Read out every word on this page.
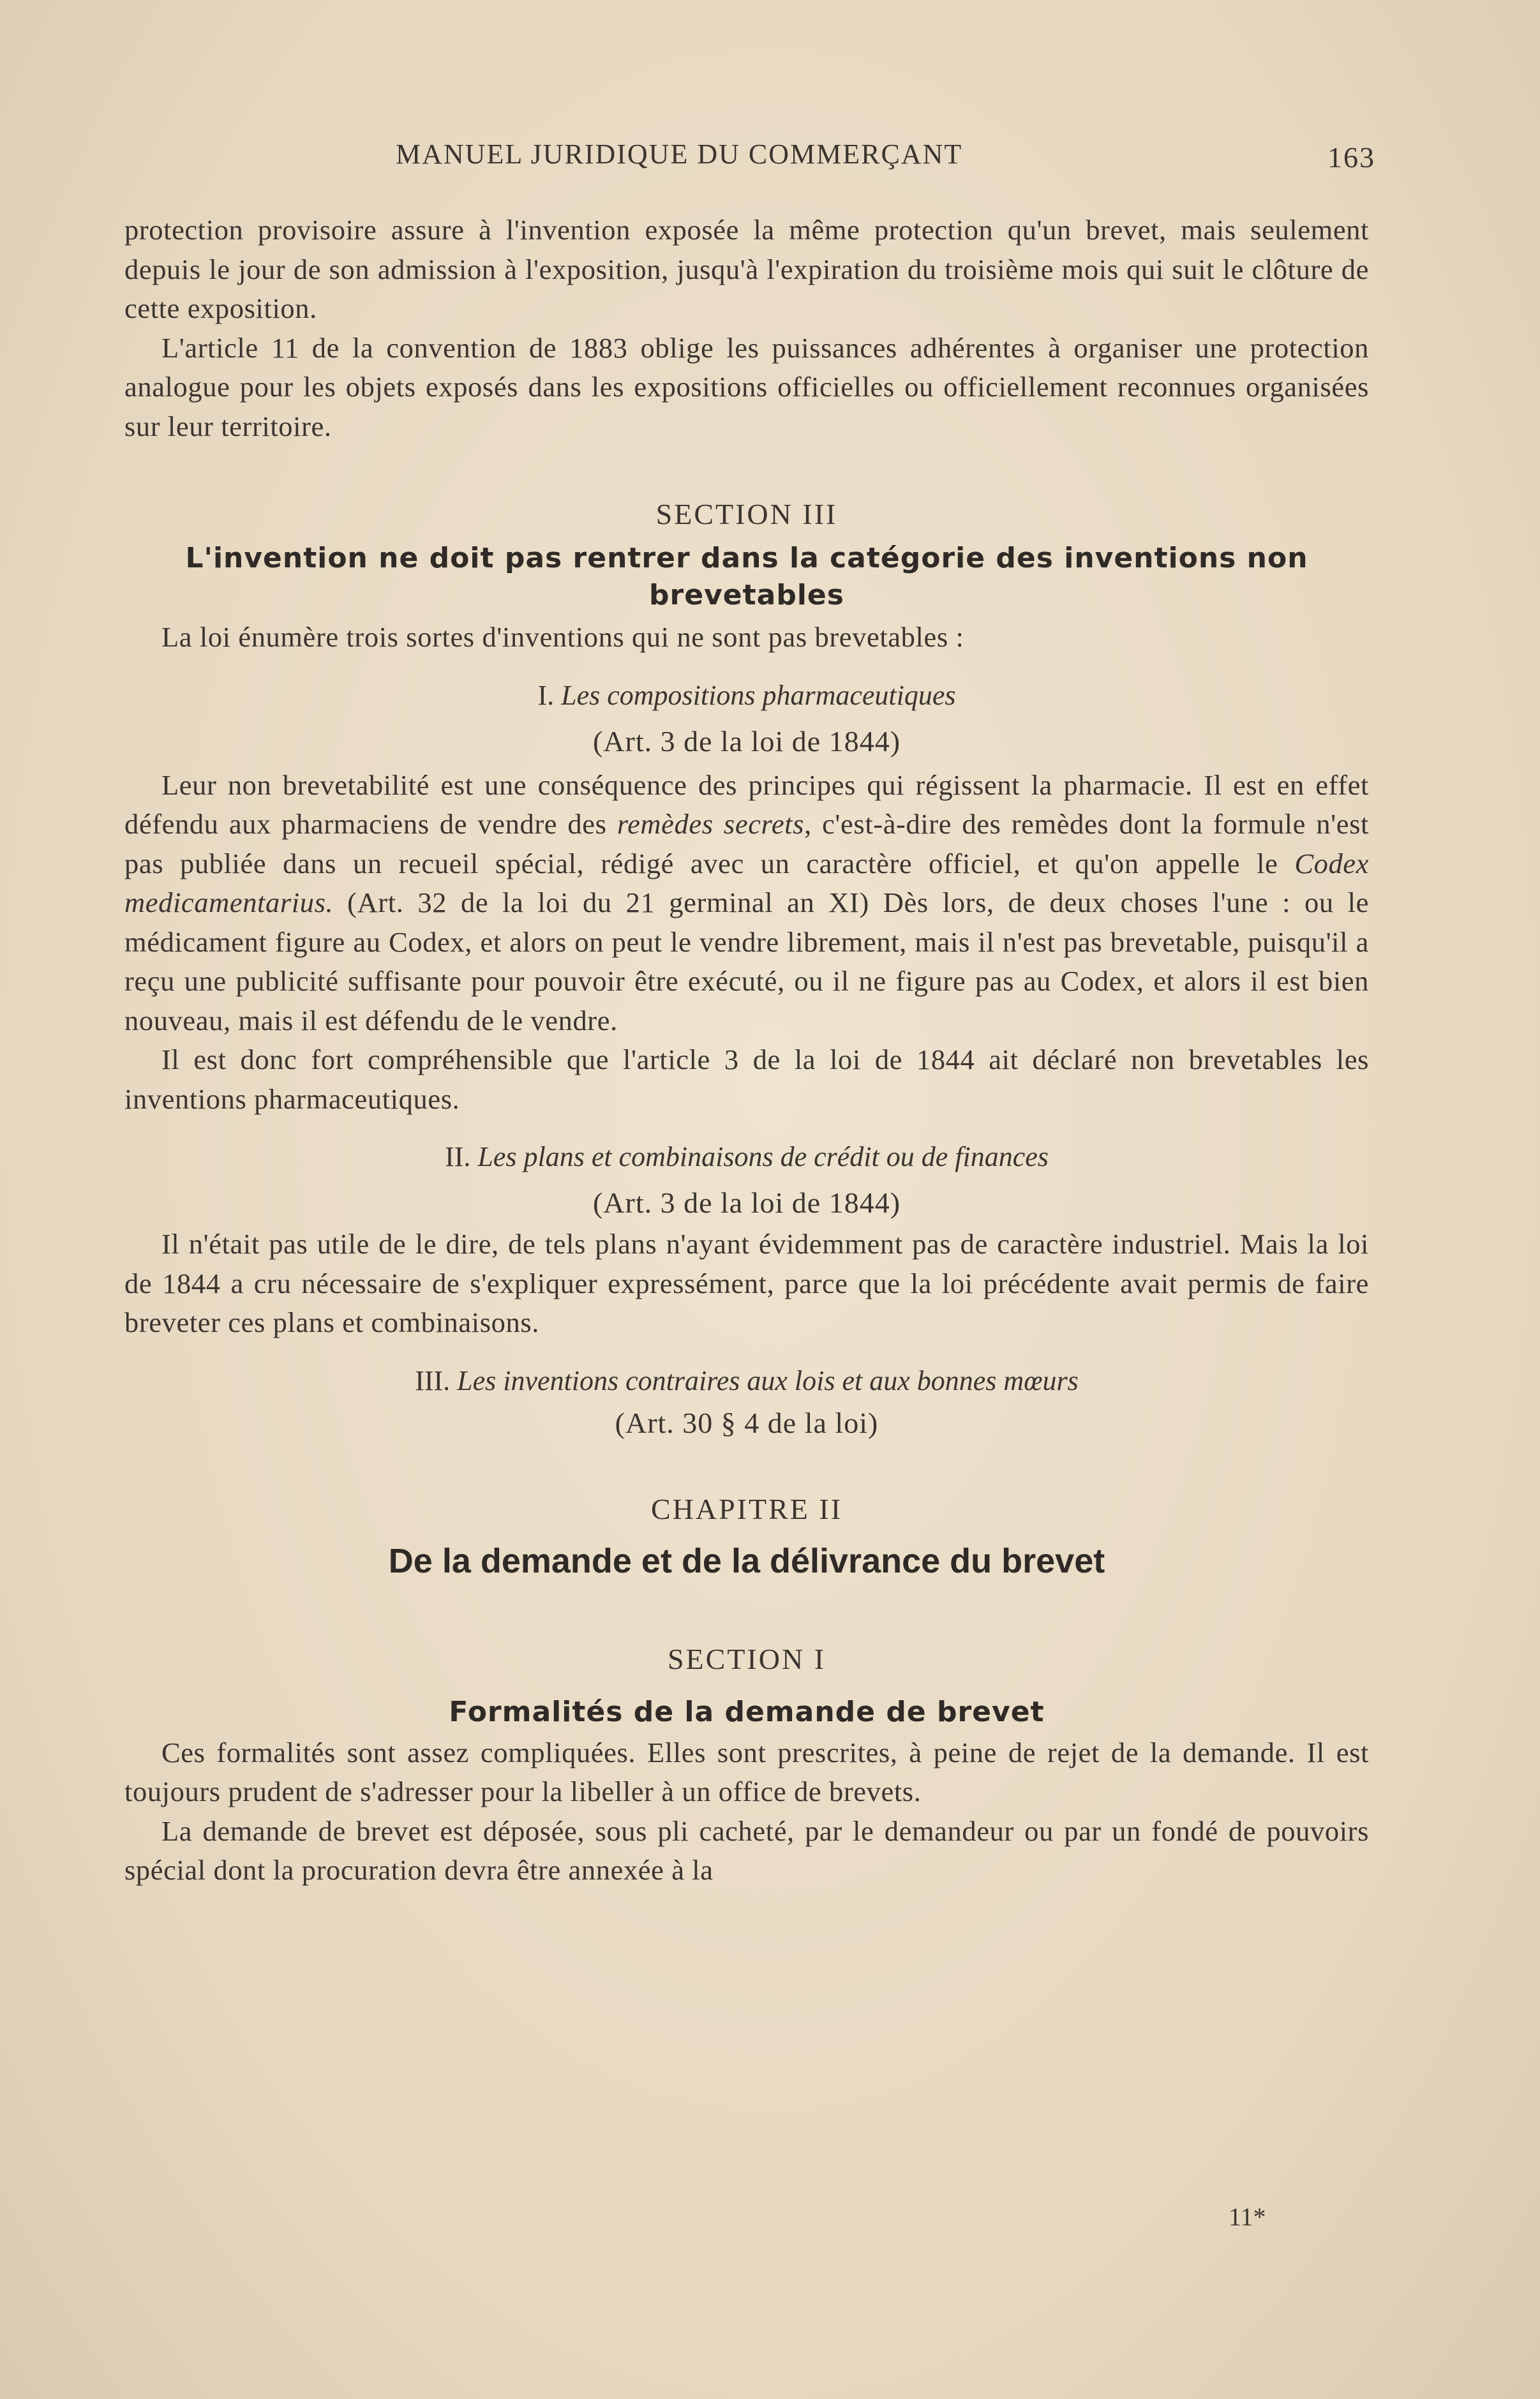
MANUEL JURIDIQUE DU COMMERÇANT	163

protection provisoire assure à l'invention exposée la même protection qu'un brevet, mais seulement depuis le jour de son admission à l'exposition, jusqu'à l'expiration du troisième mois qui suit le clôture de cette exposition.

L'article 11 de la convention de 1883 oblige les puissances adhérentes à organiser une protection analogue pour les objets exposés dans les expositions officielles ou officiellement reconnues organisées sur leur territoire.

SECTION III
L'invention ne doit pas rentrer dans la catégorie des inventions non brevetables

La loi énumère trois sortes d'inventions qui ne sont pas brevetables :

I. Les compositions pharmaceutiques
(Art. 3 de la loi de 1844)

Leur non brevetabilité est une conséquence des principes qui régissent la pharmacie. Il est en effet défendu aux pharmaciens de vendre des remèdes secrets, c'est-à-dire des remèdes dont la formule n'est pas publiée dans un recueil spécial, rédigé avec un caractère officiel, et qu'on appelle le Codex medicamentarius. (Art. 32 de la loi du 21 germinal an XI) Dès lors, de deux choses l'une : ou le médicament figure au Codex, et alors on peut le vendre librement, mais il n'est pas brevetable, puisqu'il a reçu une publicité suffisante pour pouvoir être exécuté, ou il ne figure pas au Codex, et alors il est bien nouveau, mais il est défendu de le vendre.

Il est donc fort compréhensible que l'article 3 de la loi de 1844 ait déclaré non brevetables les inventions pharmaceutiques.

II. Les plans et combinaisons de crédit ou de finances
(Art. 3 de la loi de 1844)

Il n'était pas utile de le dire, de tels plans n'ayant évidemment pas de caractère industriel. Mais la loi de 1844 a cru nécessaire de s'expliquer expressément, parce que la loi précédente avait permis de faire breveter ces plans et combinaisons.

III. Les inventions contraires aux lois et aux bonnes mœurs
(Art. 30 § 4 de la loi)
CHAPITRE II
De la demande et de la délivrance du brevet
SECTION I
Formalités de la demande de brevet

Ces formalités sont assez compliquées. Elles sont prescrites, à peine de rejet de la demande. Il est toujours prudent de s'adresser pour la libeller à un office de brevets.

La demande de brevet est déposée, sous pli cacheté, par le demandeur ou par un fondé de pouvoirs spécial dont la procuration devra être annexée à la

11*
